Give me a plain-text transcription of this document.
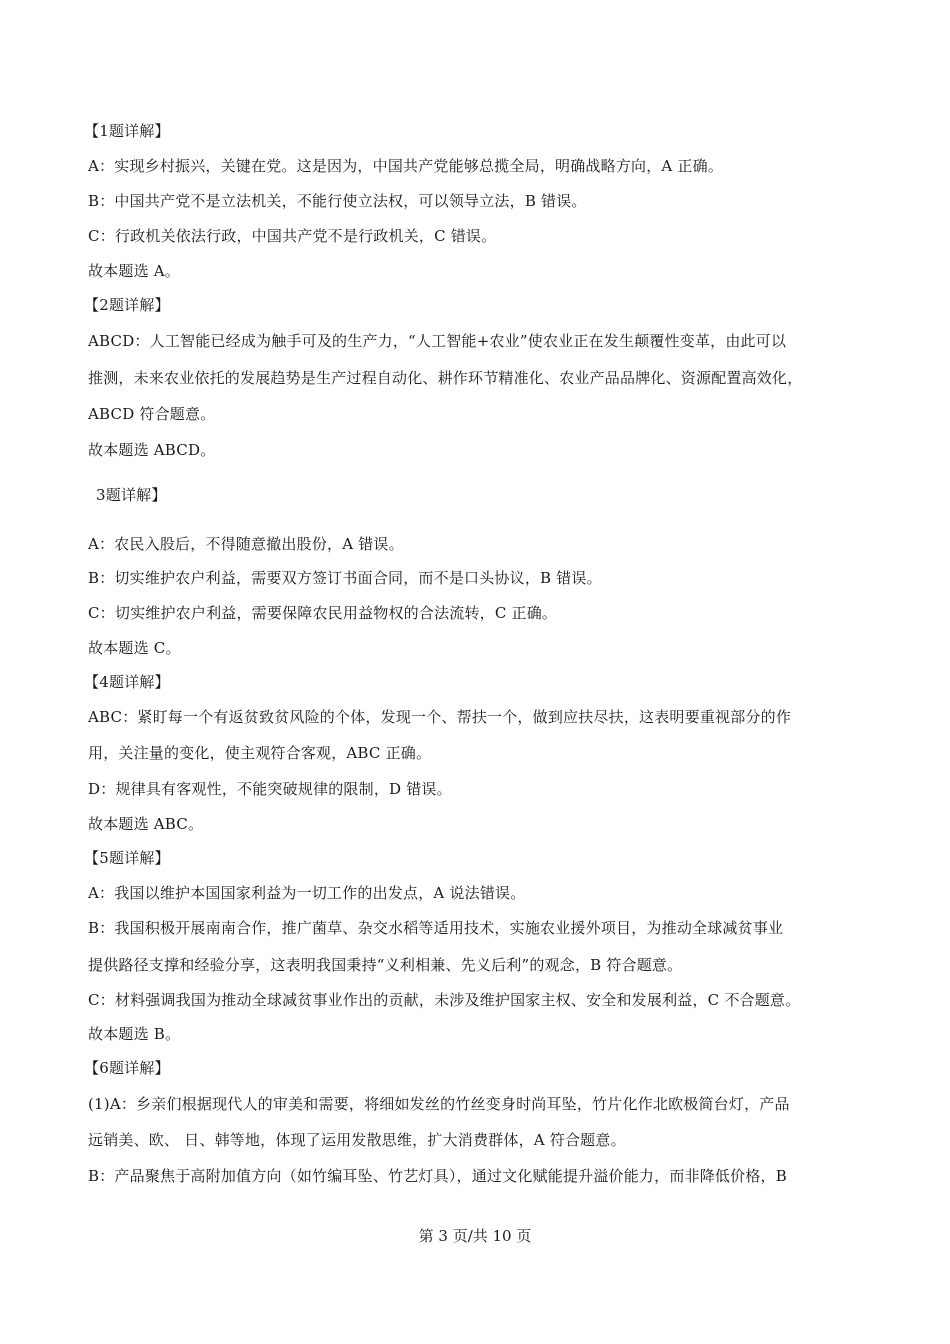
【1题详解】
A：实现乡村振兴，关键在党。这是因为，中国共产党能够总揽全局，明确战略方向，A 正确。
B：中国共产党不是立法机关，不能行使立法权，可以领导立法，B 错误。
C：行政机关依法行政，中国共产党不是行政机关，C 错误。
故本题选 A。
【2题详解】
ABCD：人工智能已经成为触手可及的生产力，“人工智能+农业”使农业正在发生颠覆性变革，由此可以
推测，未来农业依托的发展趋势是生产过程自动化、耕作环节精准化、农业产品品牌化、资源配置高效化，
ABCD 符合题意。
故本题选 ABCD。
3题详解】
A：农民入股后，不得随意撤出股份，A 错误。
B：切实维护农户利益，需要双方签订书面合同，而不是口头协议，B 错误。
C：切实维护农户利益，需要保障农民用益物权的合法流转，C 正确。
故本题选 C。
【4题详解】
ABC：紧盯每一个有返贫致贫风险的个体，发现一个、帮扶一个，做到应扶尽扶，这表明要重视部分的作
用，关注量的变化，使主观符合客观，ABC 正确。
D：规律具有客观性，不能突破规律的限制，D 错误。
故本题选 ABC。
【5题详解】
A：我国以维护本国国家利益为一切工作的出发点，A 说法错误。
B：我国积极开展南南合作，推广菌草、杂交水稻等适用技术，实施农业援外项目，为推动全球减贫事业
提供路径支撑和经验分享，这表明我国秉持“义利相兼、先义后利”的观念，B 符合题意。
C：材料强调我国为推动全球减贫事业作出的贡献，未涉及维护国家主权、安全和发展利益，C 不合题意。
故本题选 B。
【6题详解】
(1)A：乡亲们根据现代人的审美和需要，将细如发丝的竹丝变身时尚耳坠，竹片化作北欧极简台灯，产品
远销美、欧、 日、韩等地，体现了运用发散思维，扩大消费群体，A 符合题意。
B：产品聚焦于高附加值方向（如竹编耳坠、竹艺灯具），通过文化赋能提升溢价能力，而非降低价格，B
第 3 页/共 10 页
